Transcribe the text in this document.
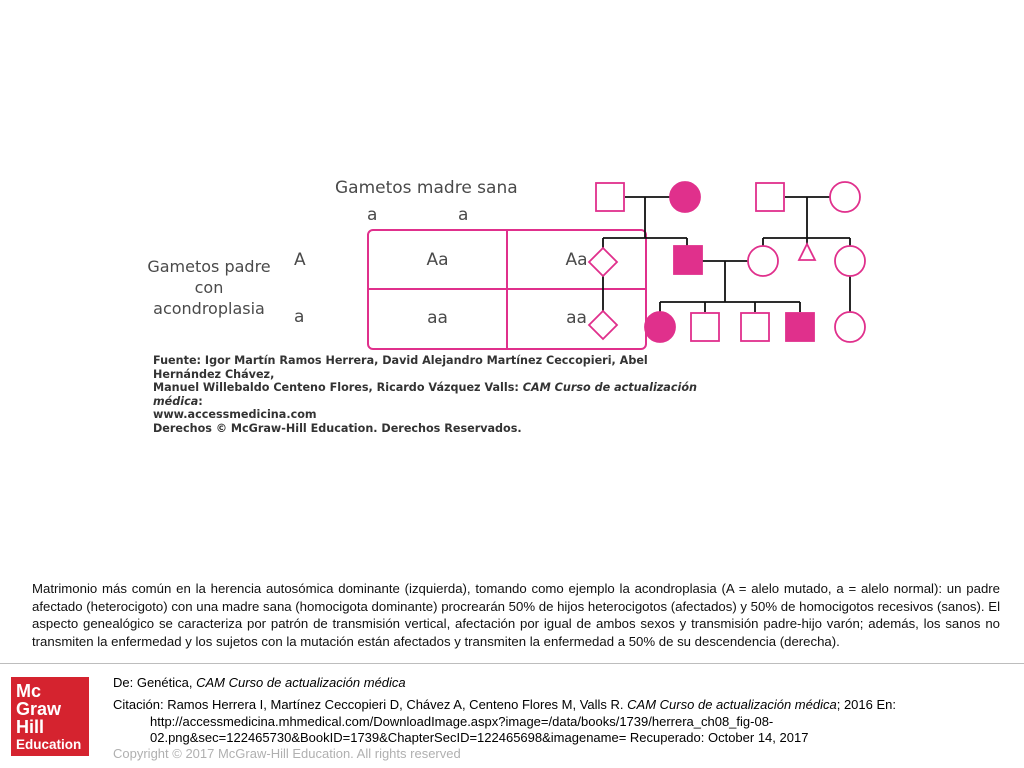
Gametos madre sana
a	a
Gametos padre
con
acondroplasia
A
a
Aa	Aa
aa	aa
Fuente: Igor Martín Ramos Herrera, David Alejandro Martínez Ceccopieri, Abel Hernández Chávez,
Manuel Willebaldo Centeno Flores, Ricardo Vázquez Valls: CAM Curso de actualización médica:
www.accessmedicina.com
Derechos © McGraw-Hill Education. Derechos Reservados.
Matrimonio más común en la herencia autosómica dominante (izquierda), tomando como ejemplo la acondroplasia (A = alelo mutado, a = alelo normal): un padre afectado (heterocigoto) con una madre sana (homocigota dominante) procrearán 50% de hijos heterocigotos (afectados) y 50% de homocigotos recesivos (sanos). El aspecto genealógico se caracteriza por patrón de transmisión vertical, afectación por igual de ambos sexos y transmisión padre-hijo varón; además, los sanos no transmiten la enfermedad y los sujetos con la mutación están afectados y transmiten la enfermedad a 50% de su descendencia (derecha).
Mc
Graw
Hill
Education
De: Genética, CAM Curso de actualización médica
Citación: Ramos Herrera I, Martínez Ceccopieri D, Chávez A, Centeno Flores M, Valls R. CAM Curso de actualización médica; 2016 En:
http://accessmedicina.mhmedical.com/DownloadImage.aspx?image=/data/books/1739/herrera_ch08_fig-08-
02.png&sec=122465730&BookID=1739&ChapterSecID=122465698&imagename= Recuperado: October 14, 2017
Copyright © 2017 McGraw-Hill Education. All rights reserved
